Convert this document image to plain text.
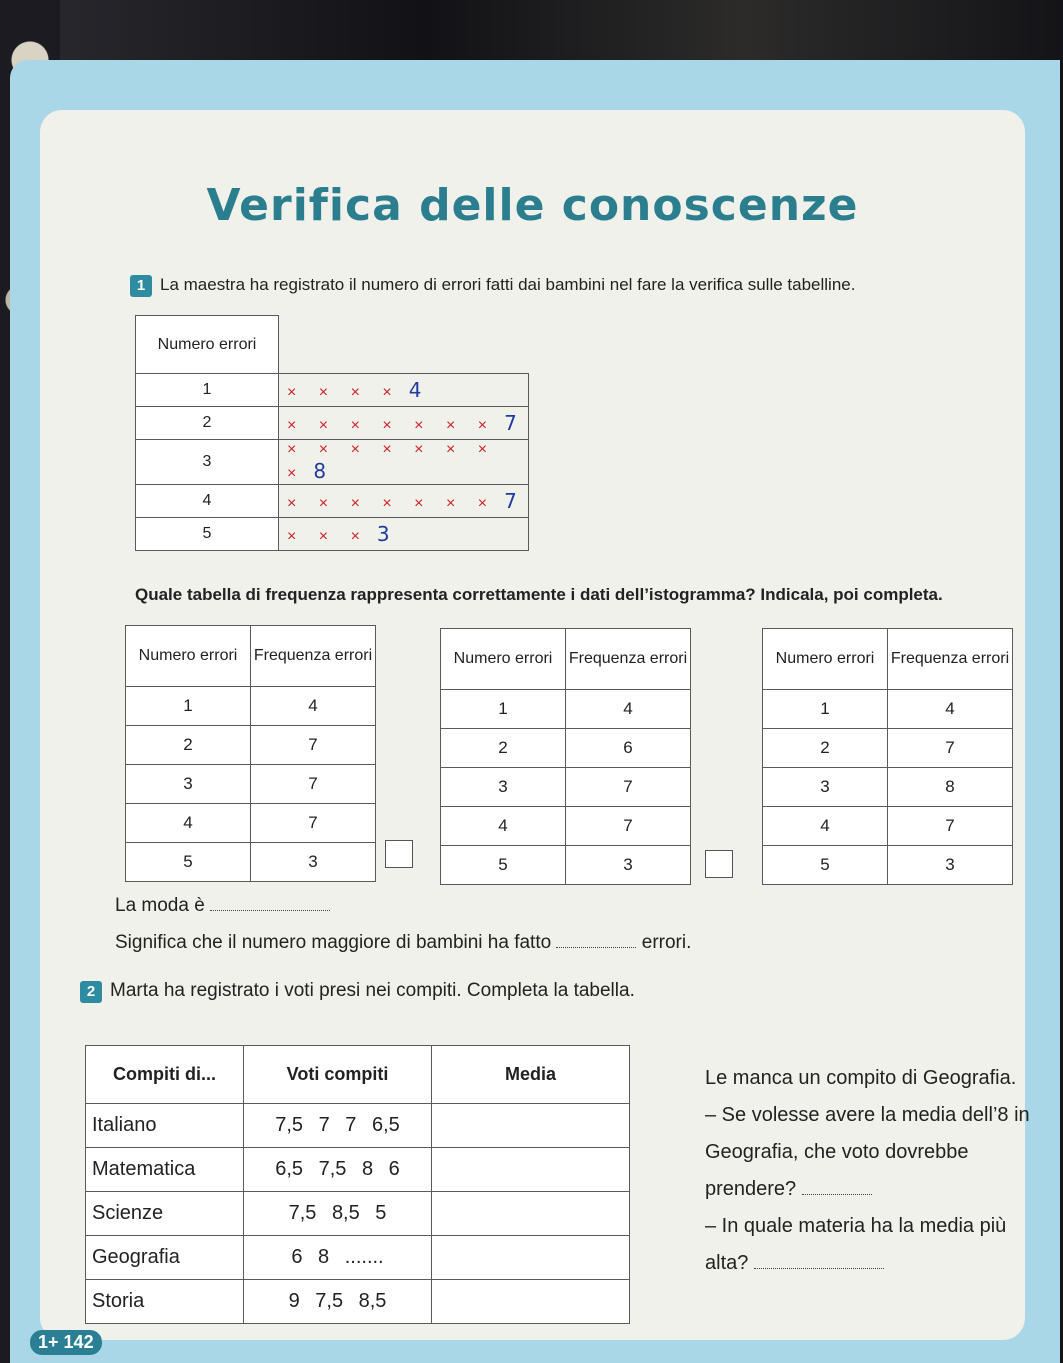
Verifica delle conoscenze
1 La maestra ha registrato il numero di errori fatti dai bambini nel fare la verifica sulle tabelline.
Numero errori	
1	× × × × 4
2	× × × × × × × 7
3	× × × × × × × × 8
4	× × × × × × × 7
5	× × × 3
Quale tabella di frequenza rappresenta correttamente i dati dell’istogramma? Indicala, poi completa.
Numero errori	Frequenza errori
1	4
2	7
3	7
4	7
5	3
Numero errori	Frequenza errori
1	4
2	6
3	7
4	7
5	3
Numero errori	Frequenza errori
1	4
2	7
3	8
4	7
5	3
La moda è
Significa che il numero maggiore di bambini ha fatto	errori.
2 Marta ha registrato i voti presi nei compiti. Completa la tabella.
Compiti di...	Voti compiti	Media
Italiano	7,5 7 7 6,5	
Matematica	6,5 7,5 8 6	
Scienze	7,5 8,5 5	
Geografia	6 8 .......	
Storia	9 7,5 8,5	
Le manca un compito di Geografia.
– Se volesse avere la media dell’8 in Geografia, che voto dovrebbe prendere?
– In quale materia ha la media più alta?
1+ 142
